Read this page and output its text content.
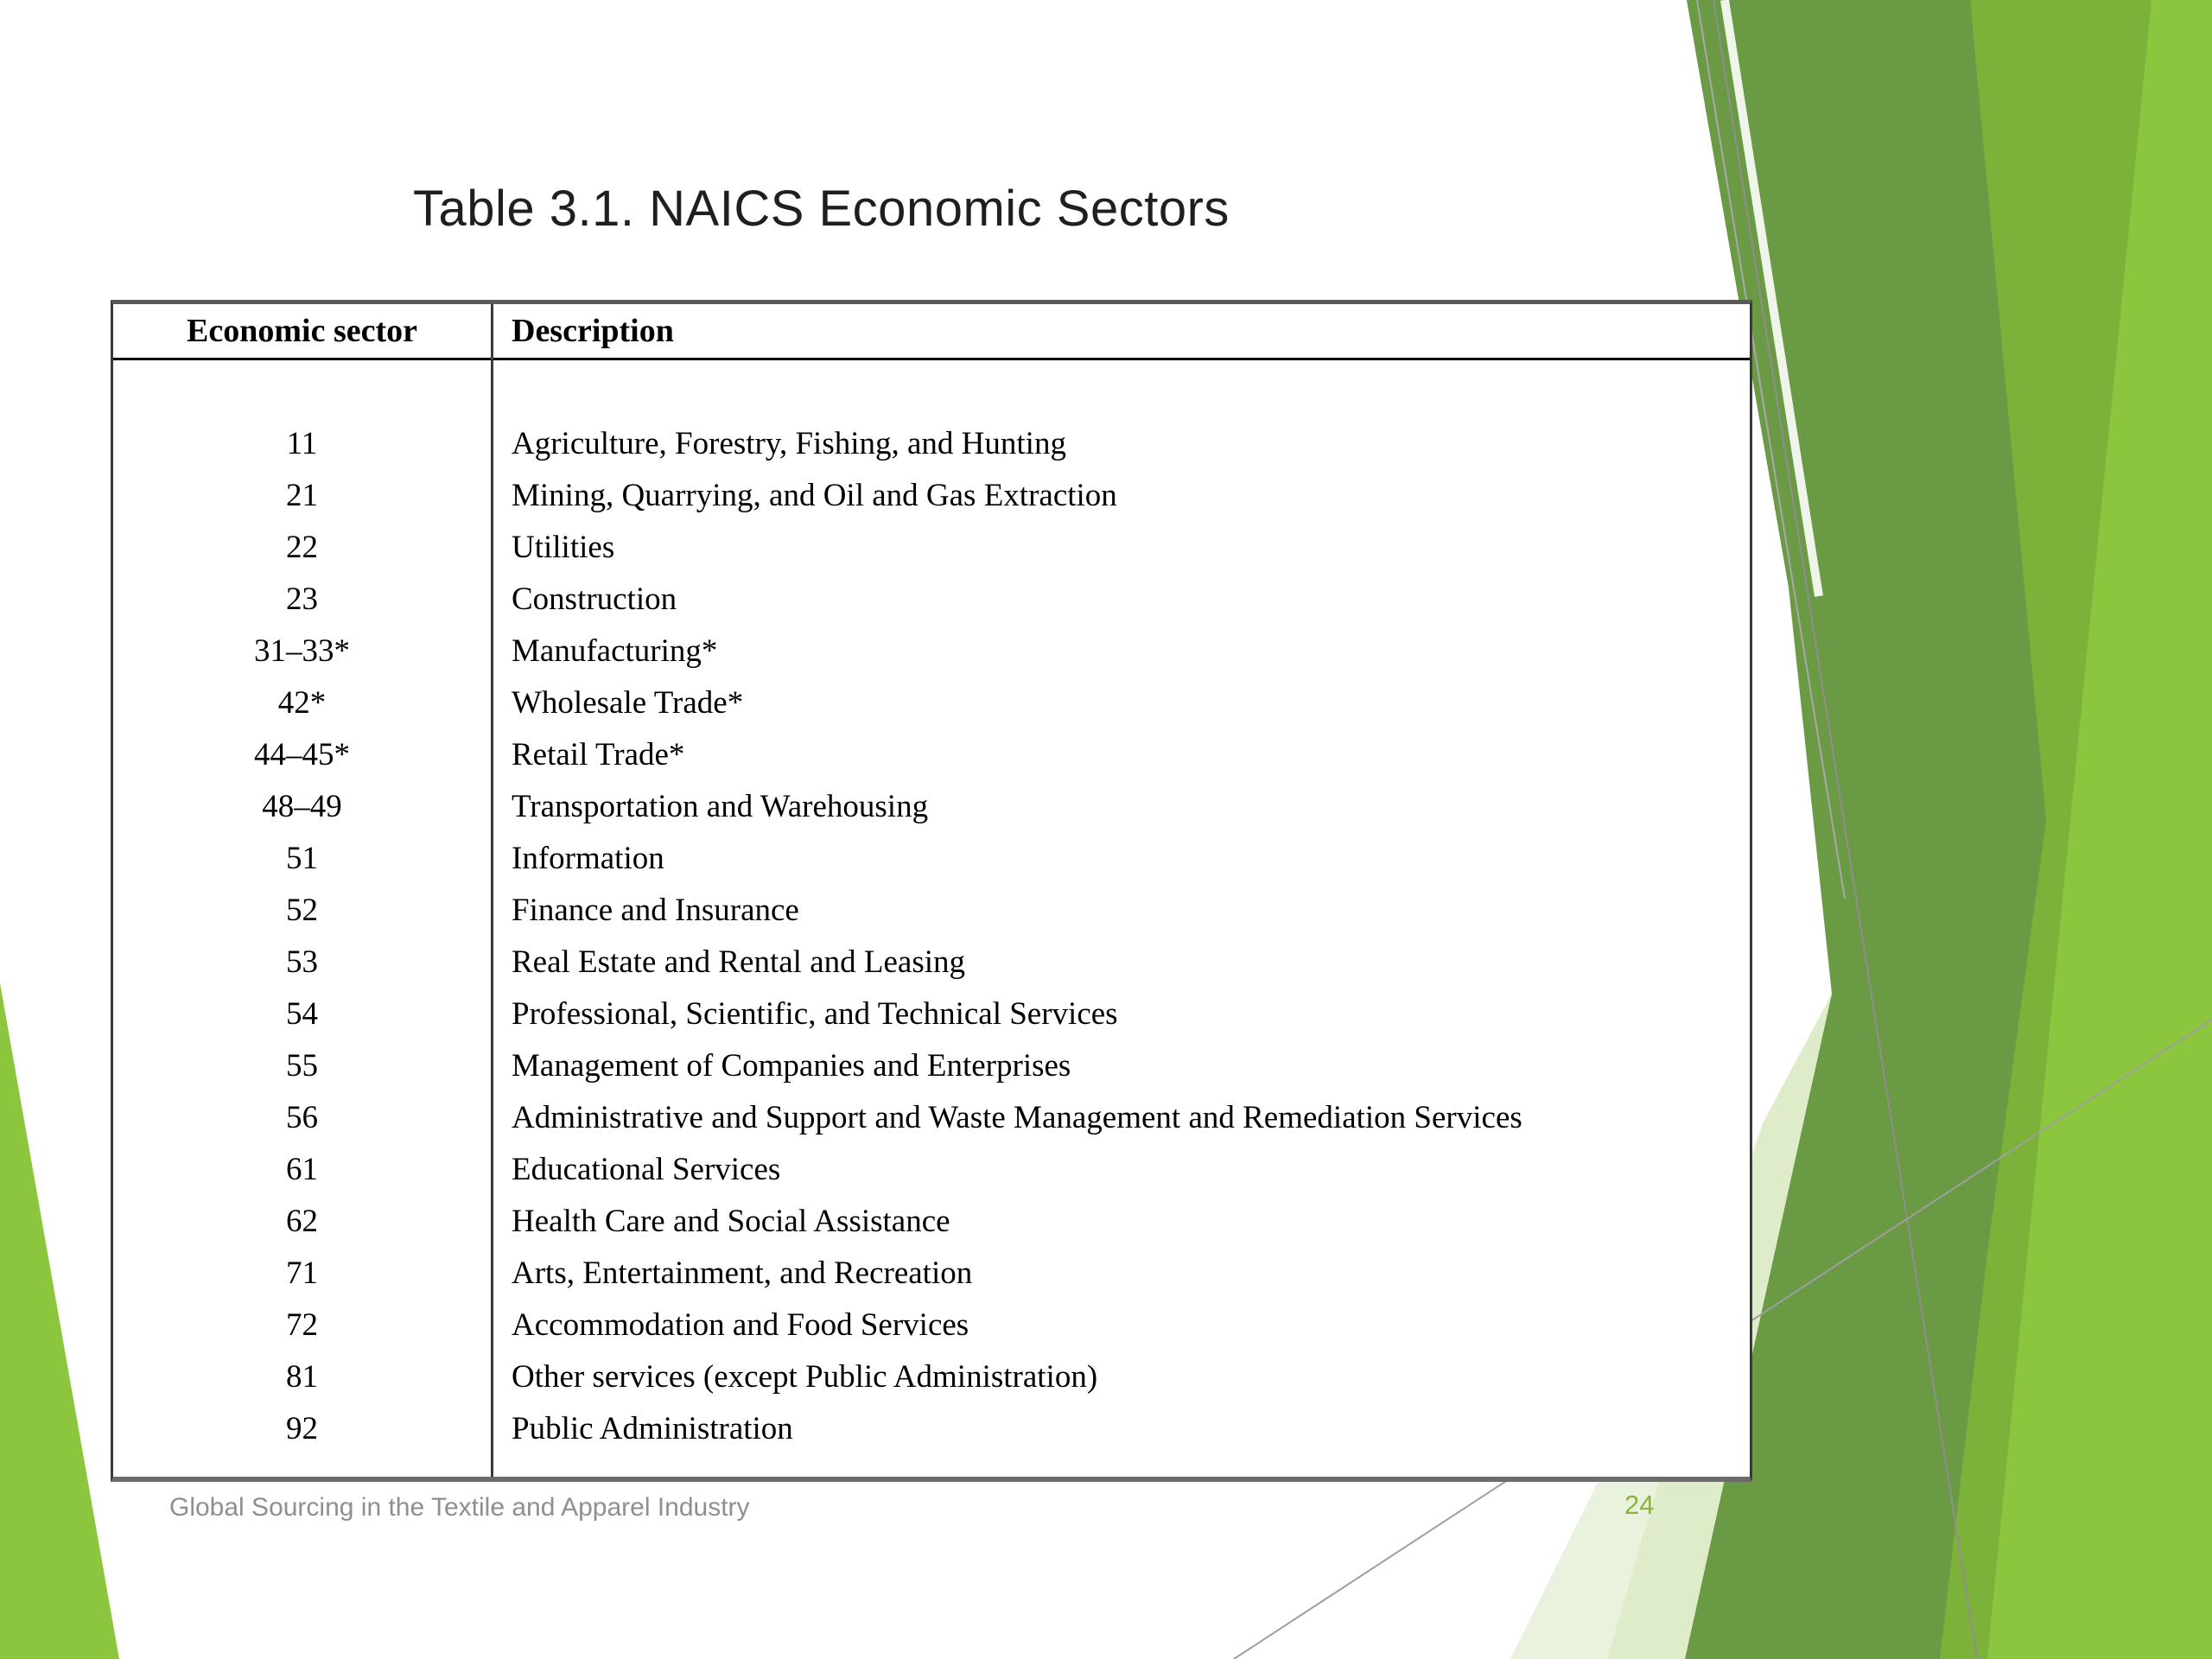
Table 3.1. NAICS Economic Sectors
Economic sector	Description
11	Agriculture, Forestry, Fishing, and Hunting
21	Mining, Quarrying, and Oil and Gas Extraction
22	Utilities
23	Construction
31–33*	Manufacturing*
42*	Wholesale Trade*
44–45*	Retail Trade*
48–49	Transportation and Warehousing
51	Information
52	Finance and Insurance
53	Real Estate and Rental and Leasing
54	Professional, Scientific, and Technical Services
55	Management of Companies and Enterprises
56	Administrative and Support and Waste Management and Remediation Services
61	Educational Services
62	Health Care and Social Assistance
71	Arts, Entertainment, and Recreation
72	Accommodation and Food Services
81	Other services (except Public Administration)
92	Public Administration
Global Sourcing in the Textile and Apparel Industry	24
